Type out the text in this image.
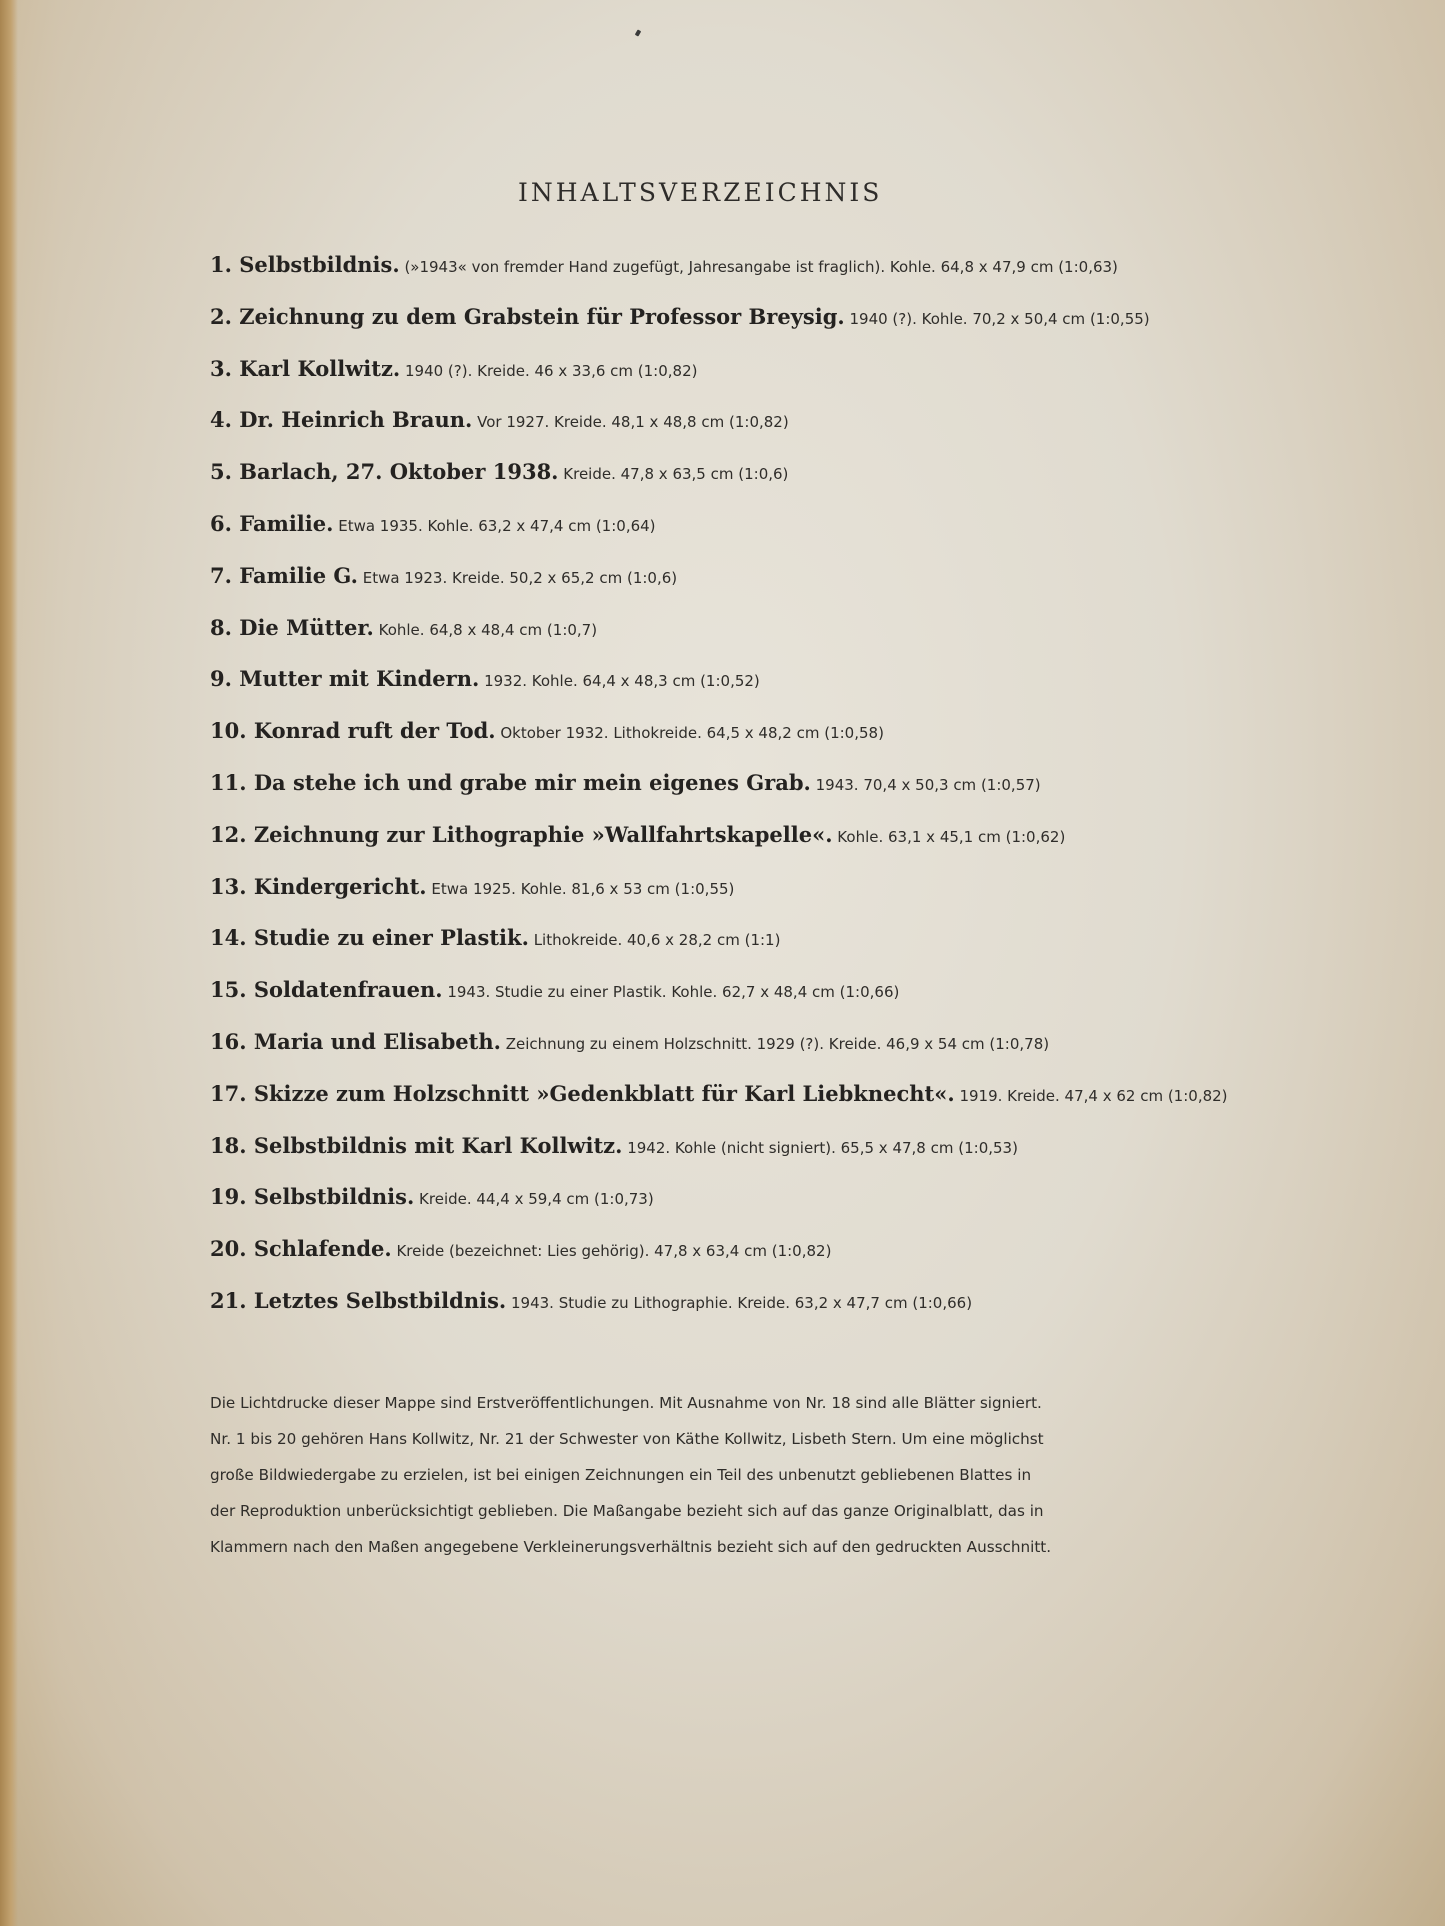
INHALTSVERZEICHNIS
1. Selbstbildnis. (»1943« von fremder Hand zugefügt, Jahresangabe ist fraglich). Kohle. 64,8 x 47,9 cm (1:0,63)
2. Zeichnung zu dem Grabstein für Professor Breysig. 1940 (?). Kohle. 70,2 x 50,4 cm (1:0,55)
3. Karl Kollwitz. 1940 (?). Kreide. 46 x 33,6 cm (1:0,82)
4. Dr. Heinrich Braun. Vor 1927. Kreide. 48,1 x 48,8 cm (1:0,82)
5. Barlach, 27. Oktober 1938. Kreide. 47,8 x 63,5 cm (1:0,6)
6. Familie. Etwa 1935. Kohle. 63,2 x 47,4 cm (1:0,64)
7. Familie G. Etwa 1923. Kreide. 50,2 x 65,2 cm (1:0,6)
8. Die Mütter. Kohle. 64,8 x 48,4 cm (1:0,7)
9. Mutter mit Kindern. 1932. Kohle. 64,4 x 48,3 cm (1:0,52)
10. Konrad ruft der Tod. Oktober 1932. Lithokreide. 64,5 x 48,2 cm (1:0,58)
11. Da stehe ich und grabe mir mein eigenes Grab. 1943. 70,4 x 50,3 cm (1:0,57)
12. Zeichnung zur Lithographie »Wallfahrtskapelle«. Kohle. 63,1 x 45,1 cm (1:0,62)
13. Kindergericht. Etwa 1925. Kohle. 81,6 x 53 cm (1:0,55)
14. Studie zu einer Plastik. Lithokreide. 40,6 x 28,2 cm (1:1)
15. Soldatenfrauen. 1943. Studie zu einer Plastik. Kohle. 62,7 x 48,4 cm (1:0,66)
16. Maria und Elisabeth. Zeichnung zu einem Holzschnitt. 1929 (?). Kreide. 46,9 x 54 cm (1:0,78)
17. Skizze zum Holzschnitt »Gedenkblatt für Karl Liebknecht«. 1919. Kreide. 47,4 x 62 cm (1:0,82)
18. Selbstbildnis mit Karl Kollwitz. 1942. Kohle (nicht signiert). 65,5 x 47,8 cm (1:0,53)
19. Selbstbildnis. Kreide. 44,4 x 59,4 cm (1:0,73)
20. Schlafende. Kreide (bezeichnet: Lies gehörig). 47,8 x 63,4 cm (1:0,82)
21. Letztes Selbstbildnis. 1943. Studie zu Lithographie. Kreide. 63,2 x 47,7 cm (1:0,66)

Die Lichtdrucke dieser Mappe sind Erstveröffentlichungen. Mit Ausnahme von Nr. 18 sind alle Blätter signiert.
Nr. 1 bis 20 gehören Hans Kollwitz, Nr. 21 der Schwester von Käthe Kollwitz, Lisbeth Stern. Um eine möglichst
große Bildwiedergabe zu erzielen, ist bei einigen Zeichnungen ein Teil des unbenutzt gebliebenen Blattes in
der Reproduktion unberücksichtigt geblieben. Die Maßangabe bezieht sich auf das ganze Originalblatt, das in
Klammern nach den Maßen angegebene Verkleinerungsverhältnis bezieht sich auf den gedruckten Ausschnitt.
